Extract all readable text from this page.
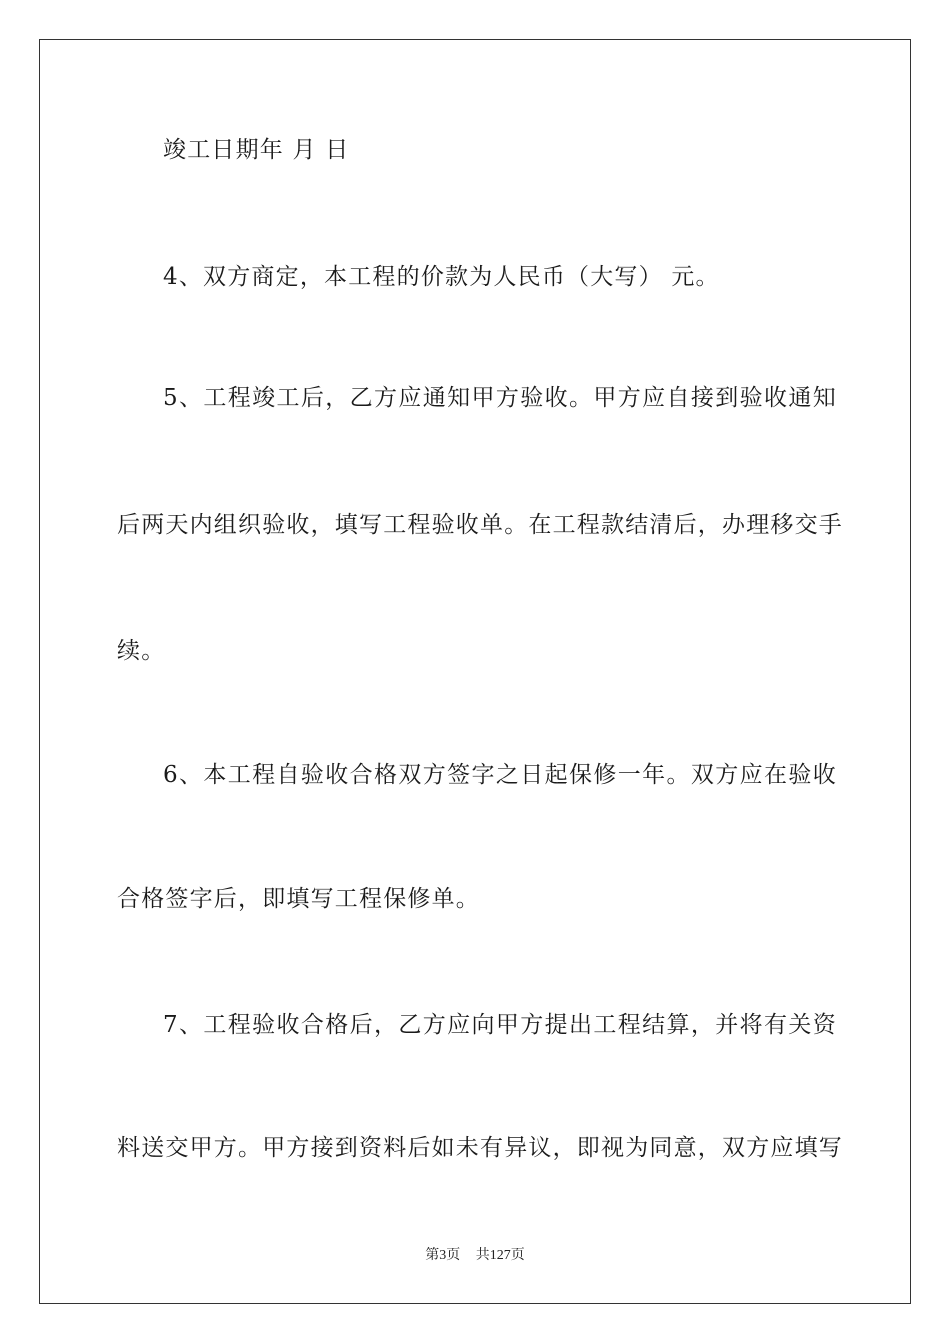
竣工日期年 月 日
4、双方商定，本工程的价款为人民币（大写） 元。
5、工程竣工后，乙方应通知甲方验收。甲方应自接到验收通知
后两天内组织验收，填写工程验收单。在工程款结清后，办理移交手
续。
6、本工程自验收合格双方签字之日起保修一年。双方应在验收
合格签字后，即填写工程保修单。
7、工程验收合格后，乙方应向甲方提出工程结算，并将有关资
料送交甲方。甲方接到资料后如未有异议，即视为同意，双方应填写
第3页 共127页
